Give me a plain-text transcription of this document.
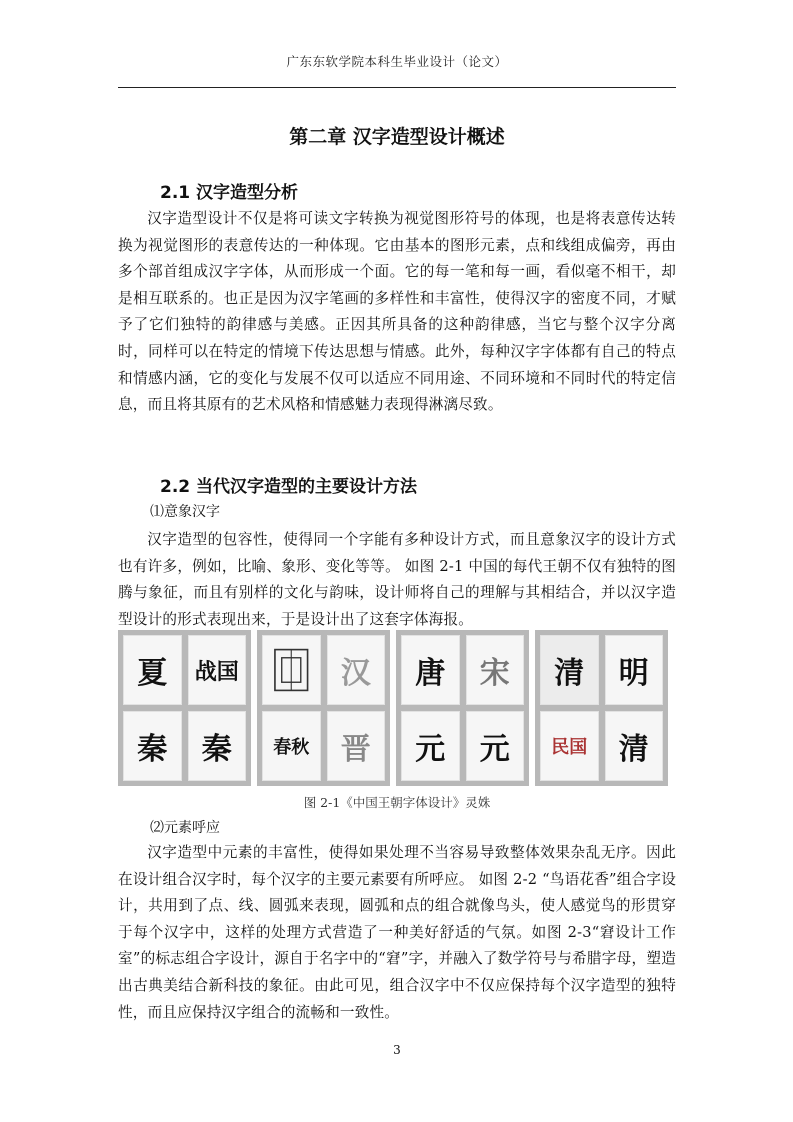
广东东软学院本科生毕业设计（论文）
第二章 汉字造型设计概述
2.1 汉字造型分析

汉字造型设计不仅是将可读文字转换为视觉图形符号的体现，也是将表意传达转换为视觉图形的表意传达的一种体现。它由基本的图形元素，点和线组成偏旁，再由多个部首组成汉字字体，从而形成一个面。它的每一笔和每一画，看似毫不相干，却是相互联系的。也正是因为汉字笔画的多样性和丰富性，使得汉字的密度不同，才赋予了它们独特的韵律感与美感。正因其所具备的这种韵律感，当它与整个汉字分离时，同样可以在特定的情境下传达思想与情感。此外，每种汉字字体都有自己的特点和情感内涵，它的变化与发展不仅可以适应不同用途、不同环境和不同时代的特定信息，而且将其原有的艺术风格和情感魅力表现得淋漓尽致。

2.2 当代汉字造型的主要设计方法
⑴意象汉字

汉字造型的包容性，使得同一个字能有多种设计方式，而且意象汉字的设计方式也有许多，例如，比喻、象形、变化等等。 如图 2-1 中国的每代王朝不仅有独特的图腾与象征，而且有别样的文化与韵味，设计师将自己的理解与其相结合，并以汉字造型设计的形式表现出来，于是设计出了这套字体海报。

夏 战国
秦 秦
汉
春秋 晋
唐 宋
元 元
清 明
民国 清
图 2-1《中国王朝字体设计》灵姝
⑵元素呼应

汉字造型中元素的丰富性，使得如果处理不当容易导致整体效果杂乱无序。因此在设计组合汉字时，每个汉字的主要元素要有所呼应。 如图 2-2 “鸟语花香”组合字设计，共用到了点、线、圆弧来表现，圆弧和点的组合就像鸟头，使人感觉鸟的形贯穿于每个汉字中，这样的处理方式营造了一种美好舒适的气氛。如图 2-3“窘设计工作室”的标志组合字设计，源自于名字中的“窘”字，并融入了数学符号与希腊字母，塑造出古典美结合新科技的象征。由此可见，组合汉字中不仅应保持每个汉字造型的独特性，而且应保持汉字组合的流畅和一致性。

3
